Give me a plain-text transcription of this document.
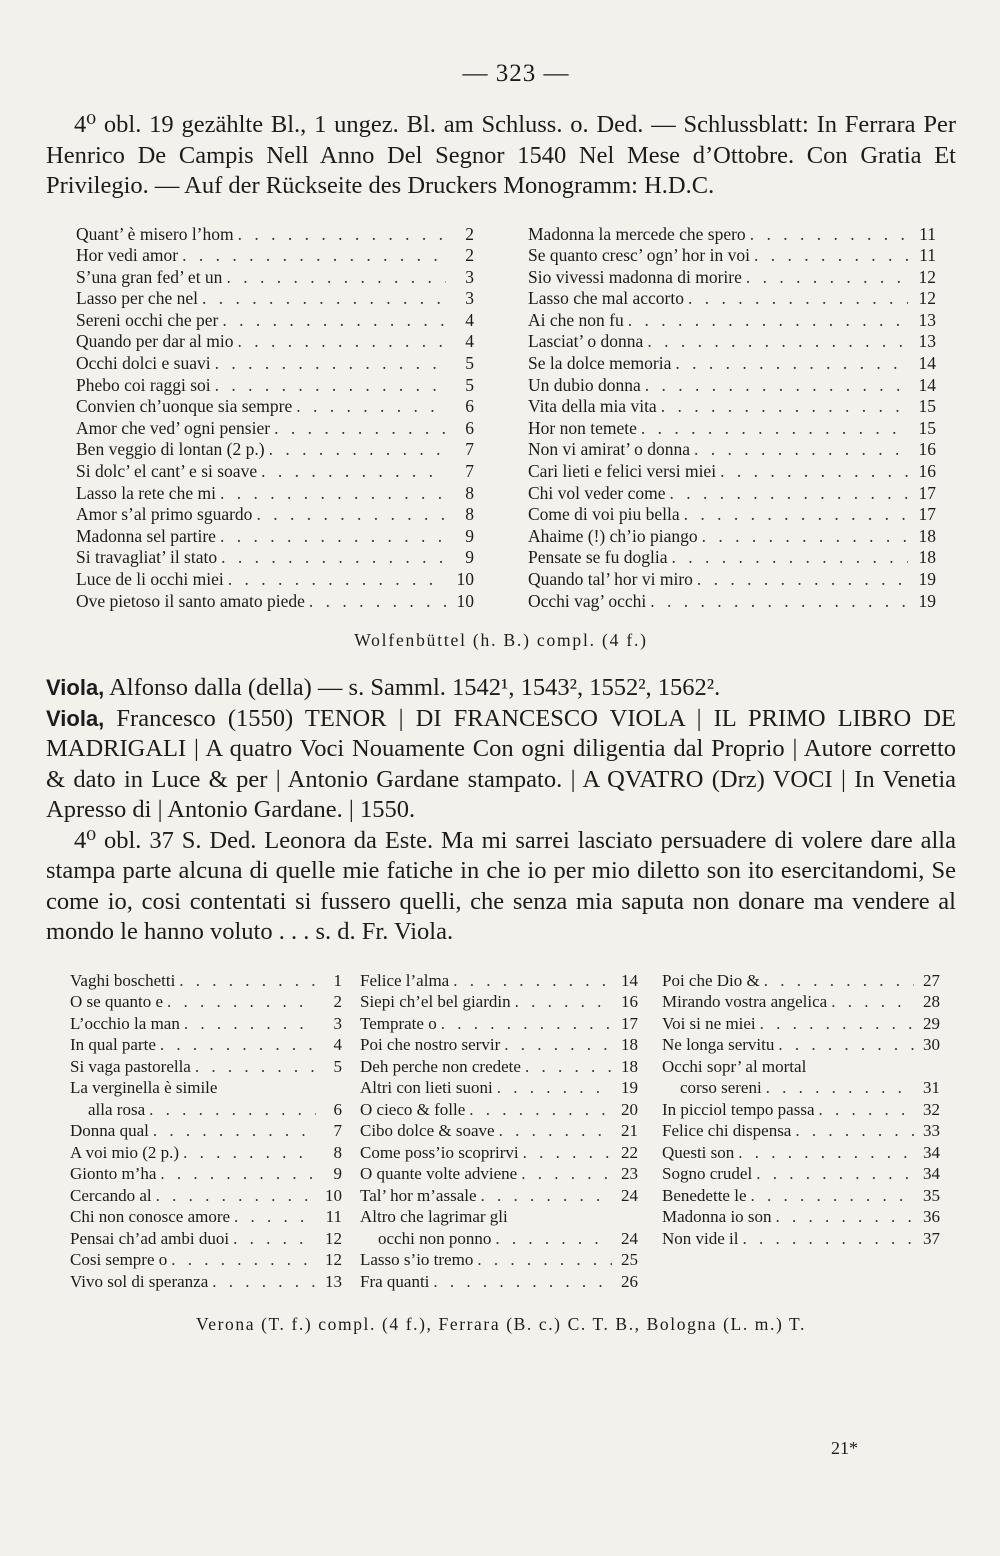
— 323 —

4⁰ obl. 19 gezählte Bl., 1 ungez. Bl. am Schluss. o. Ded. — Schlussblatt: In Ferrara Per Henrico De Campis Nell Anno Del Segnor 1540 Nel Mese d’Ottobre. Con Gratia Et Privilegio. — Auf der Rückseite des Druckers Monogramm: H.D.C.

Quant’ è misero l’hom . . .	2
Hor vedi amor . . .	2
S’una gran fed’ et un . . .	3
Lasso per che nel . . .	3
Sereni occhi che per . . .	4
Quando per dar al mio . . .	4
Occhi dolci e suavi . . .	5
Phebo coi raggi soi . . .	5
Convien ch’uonque sia sempre . . .	6
Amor che ved’ ogni pensier . . .	6
Ben veggio di lontan (2 p.) . . .	7
Si dolc’ el cant’ e si soave . . .	7
Lasso la rete che mi . . .	8
Amor s’al primo sguardo . . .	8
Madonna sel partire . . .	9
Si travagliat’ il stato . . .	9
Luce de li occhi miei . . .	10
Ove pietoso il santo amato piede . . .	10
Madonna la mercede che spero . . .	11
Se quanto cresc’ ogn’ hor in voi . . .	11
Sio vivessi madonna di morire . . .	12
Lasso che mal accorto . . .	12
Ai che non fu . . .	13
Lasciat’ o donna . . .	13
Se la dolce memoria . . .	14
Un dubio donna . . .	14
Vita della mia vita . . .	15
Hor non temete . . .	15
Non vi amirat’ o donna . . .	16
Cari lieti e felici versi miei . . .	16
Chi vol veder come . . .	17
Come di voi piu bella . . .	17
Ahaime (!) ch’io piango . . .	18
Pensate se fu doglia . . .	18
Quando tal’ hor vi miro . . .	19
Occhi vag’ occhi . . .	19
Wolfenbüttel (h. B.) compl. (4 f.)

Viola, Alfonso dalla (della) — s. Samml. 1542¹, 1543², 1552², 1562².

Viola, Francesco (1550) TENOR | DI FRANCESCO VIOLA | IL PRIMO LIBRO DE MADRIGALI | A quatro Voci Nouamente Con ogni diligentia dal Proprio | Autore corretto & dato in Luce & per | Antonio Gardane stampato. | A QVATRO (Drz) VOCI | In Venetia Apresso di | Antonio Gardane. | 1550.

4⁰ obl. 37 S. Ded. Leonora da Este. Ma mi sarrei lasciato persuadere di volere dare alla stampa parte alcuna di quelle mie fatiche in che io per mio diletto son ito esercitandomi, Se come io, cosi contentati si fussero quelli, che senza mia saputa non donare ma vendere al mondo le hanno voluto . . . s. d. Fr. Viola.

Vaghi boschetti . . .	1
O se quanto e . . .	2
L’occhio la man . . .	3
In qual parte . . .	4
Si vaga pastorella . . .	5
La verginella è simile
alla rosa . . .	6
Donna qual . . .	7
A voi mio (2 p.) . . .	8
Gionto m’ha . . .	9
Cercando al . . .	10
Chi non conosce amore . . .	11
Pensai ch’ad ambi duoi . . .	12
Cosi sempre o . . .	12
Vivo sol di speranza . . .	13
Felice l’alma . . .	14
Siepi ch’el bel giardin . . .	16
Temprate o . . .	17
Poi che nostro servir . . .	18
Deh perche non credete . . .	18
Altri con lieti suoni . . .	19
O cieco & folle . . .	20
Cibo dolce & soave . . .	21
Come poss’io scoprirvi . . .	22
O quante volte adviene . . .	23
Tal’ hor m’assale . . .	24
Altro che lagrimar gli
occhi non ponno . . .	24
Lasso s’io tremo . . .	25
Fra quanti . . .	26
Poi che Dio & . . .	27
Mirando vostra angelica . . .	28
Voi si ne miei . . .	29
Ne longa servitu . . .	30
Occhi sopr’ al mortal
corso sereni . . .	31
In picciol tempo passa . . .	32
Felice chi dispensa . . .	33
Questi son . . .	34
Sogno crudel . . .	34
Benedette le . . .	35
Madonna io son . . .	36
Non vide il . . .	37
Verona (T. f.) compl. (4 f.), Ferrara (B. c.) C. T. B., Bologna (L. m.) T.
21*
